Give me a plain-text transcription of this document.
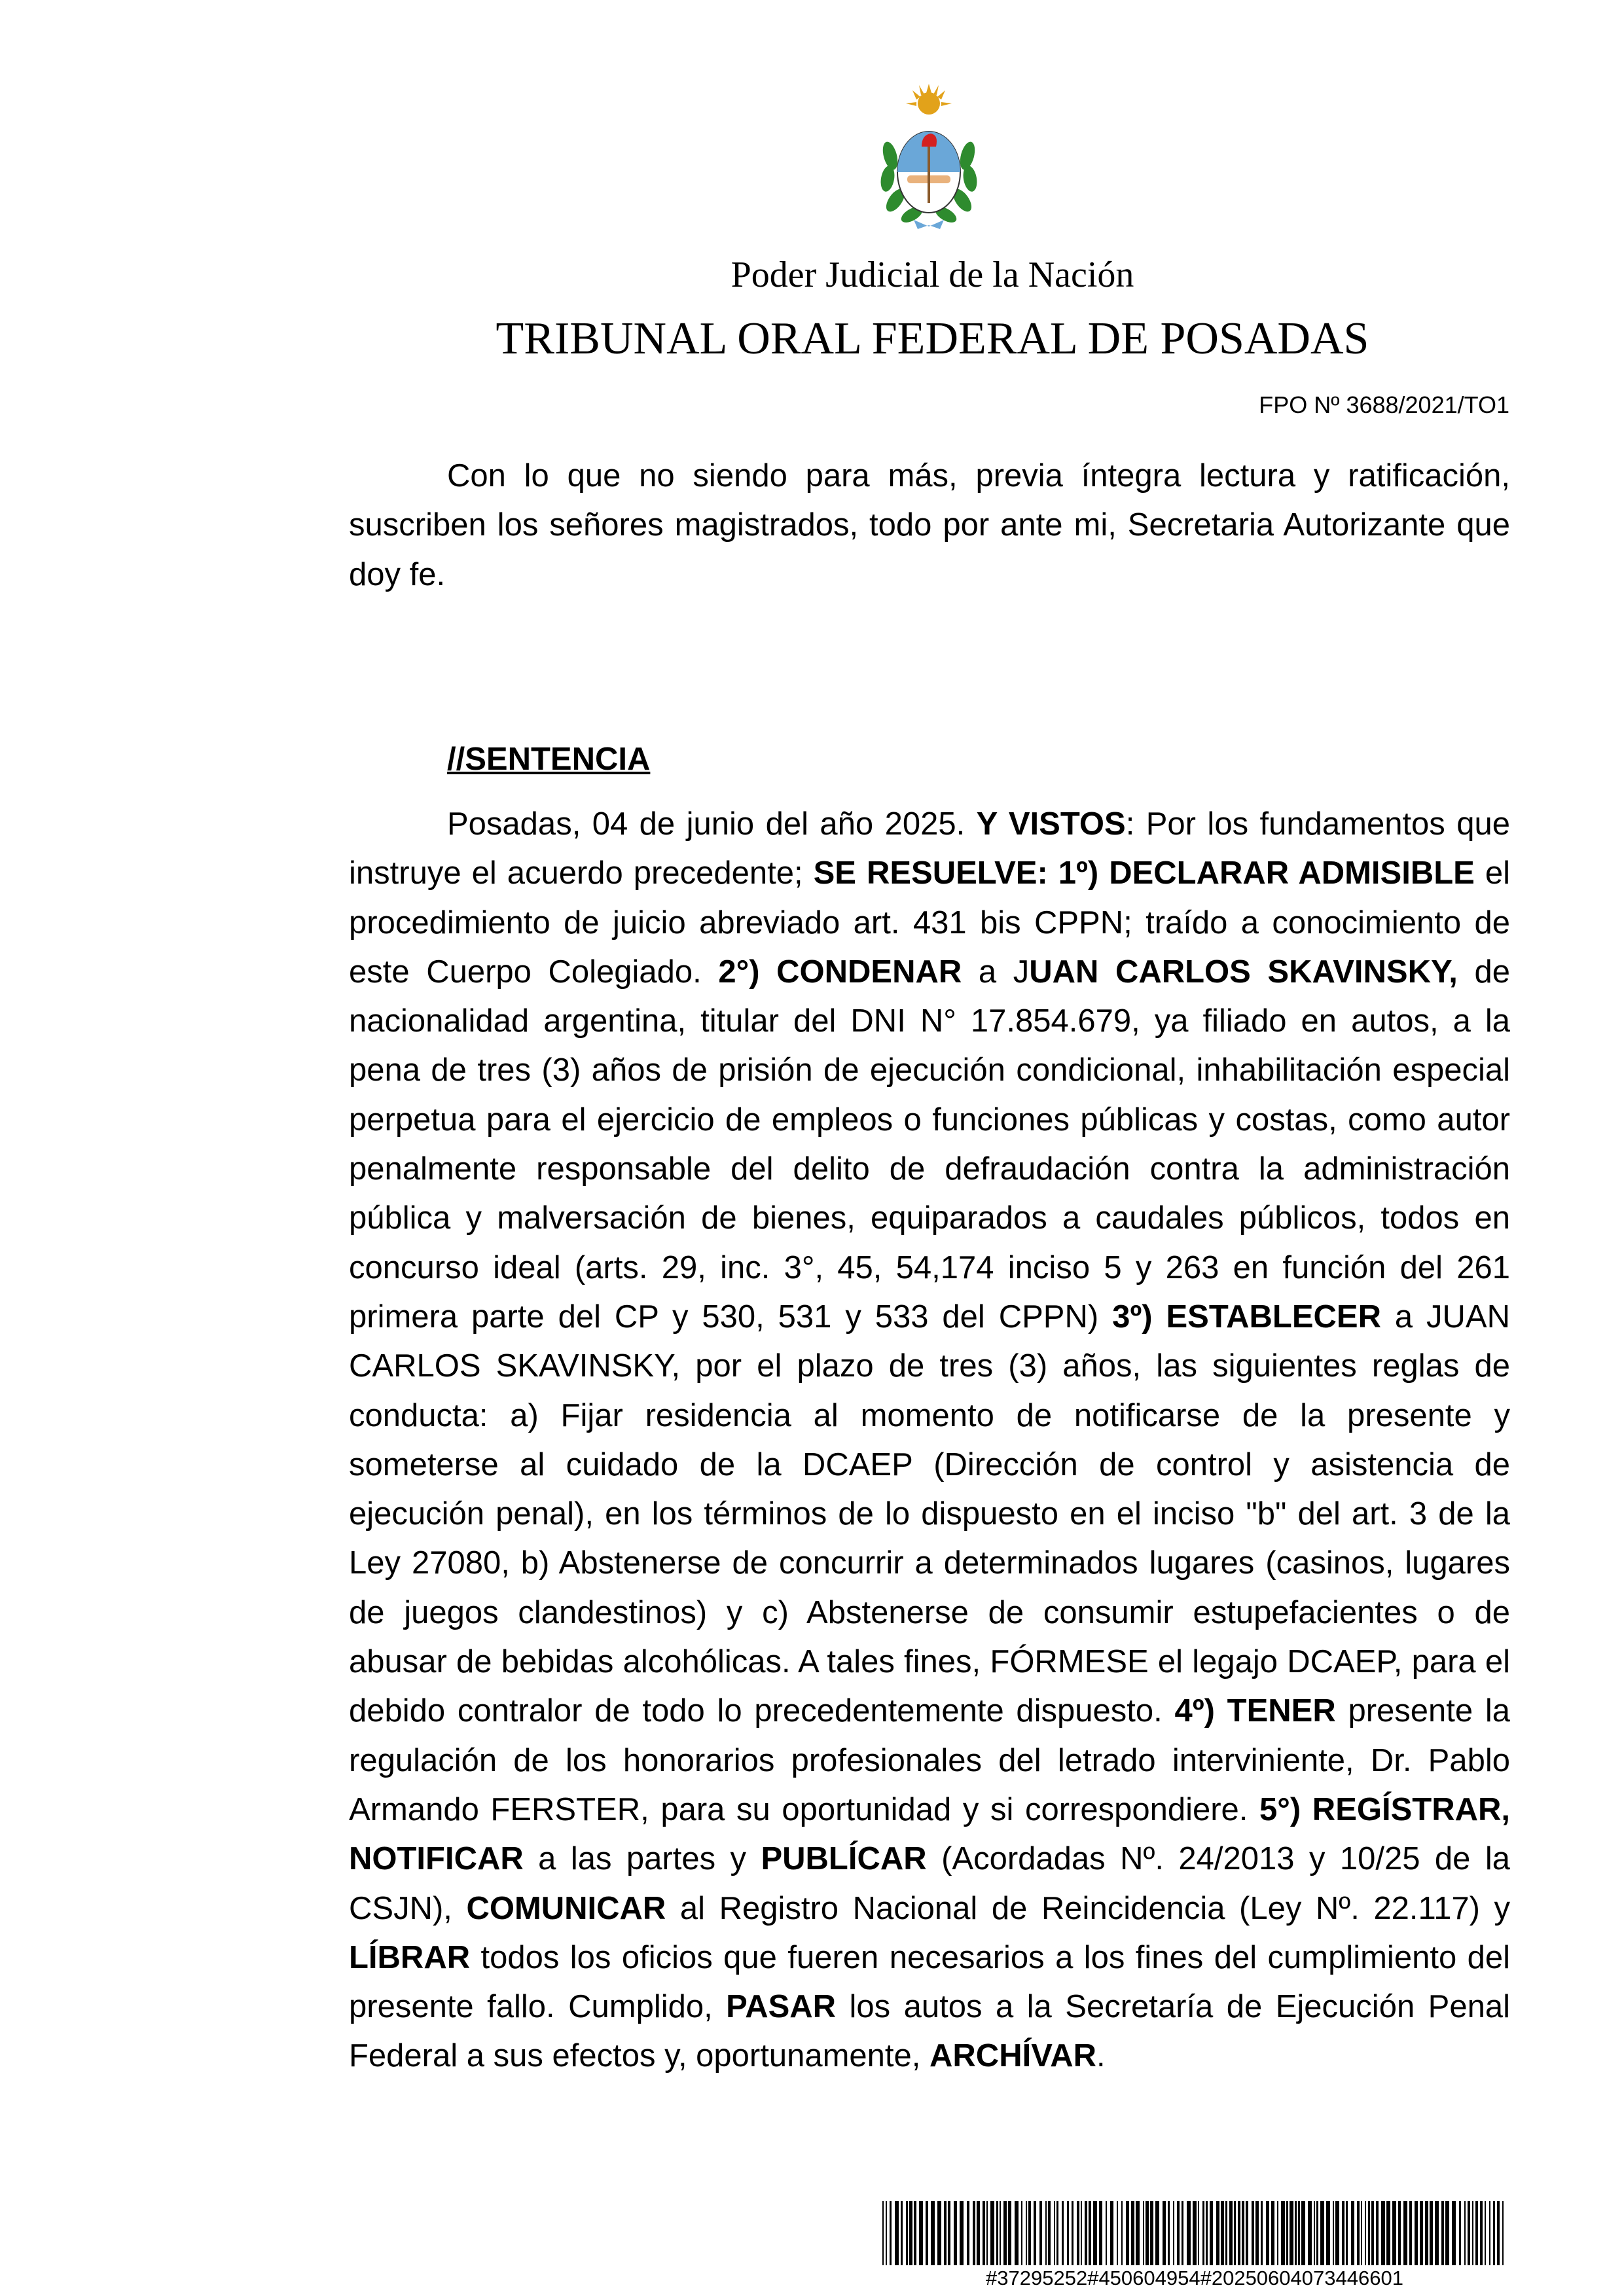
Poder Judicial de la Nación
TRIBUNAL ORAL FEDERAL DE POSADAS
FPO Nº 3688/2021/TO1
Con lo que no siendo para más, previa íntegra lectura y ratificación, suscriben los señores magistrados, todo por ante mi, Secretaria Autorizante que doy fe.
//SENTENCIA
Posadas, 04 de junio del año 2025. Y VISTOS: Por los fundamentos que instruye el acuerdo precedente; SE RESUELVE: 1º) DECLARAR ADMISIBLE el procedimiento de juicio abreviado art. 431 bis CPPN; traído a conocimiento de este Cuerpo Colegiado. 2°) CONDENAR a JUAN CARLOS SKAVINSKY, de nacionalidad argentina, titular del DNI N° 17.854.679, ya filiado en autos, a la pena de tres (3) años de prisión de ejecución condicional, inhabilitación especial perpetua para el ejercicio de empleos o funciones públicas y costas, como autor penalmente responsable del delito de defraudación contra la administración pública y malversación de bienes, equiparados a caudales públicos, todos en concurso ideal (arts. 29, inc. 3°, 45, 54,174 inciso 5 y 263 en función del 261 primera parte del CP y 530, 531 y 533 del CPPN) 3º) ESTABLECER a JUAN CARLOS SKAVINSKY, por el plazo de tres (3) años, las siguientes reglas de conducta: a) Fijar residencia al momento de notificarse de la presente y someterse al cuidado de la DCAEP (Dirección de control y asistencia de ejecución penal), en los términos de lo dispuesto en el inciso "b" del art. 3 de la Ley 27080, b) Abstenerse de concurrir a determinados lugares (casinos, lugares de juegos clandestinos) y c) Abstenerse de consumir estupefacientes o de abusar de bebidas alcohólicas. A tales fines, FÓRMESE el legajo DCAEP, para el debido contralor de todo lo precedentemente dispuesto. 4º) TENER presente la regulación de los honorarios profesionales del letrado interviniente, Dr. Pablo Armando FERSTER, para su oportunidad y si correspondiere. 5°) REGÍSTRAR, NOTIFICAR a las partes y PUBLÍCAR (Acordadas Nº. 24/2013 y 10/25 de la CSJN), COMUNICAR al Registro Nacional de Reincidencia (Ley Nº. 22.117) y LÍBRAR todos los oficios que fueren necesarios a los fines del cumplimiento del presente fallo. Cumplido, PASAR los autos a la Secretaría de Ejecución Penal Federal a sus efectos y, oportunamente, ARCHÍVAR.
#37295252#450604954#20250604073446601
